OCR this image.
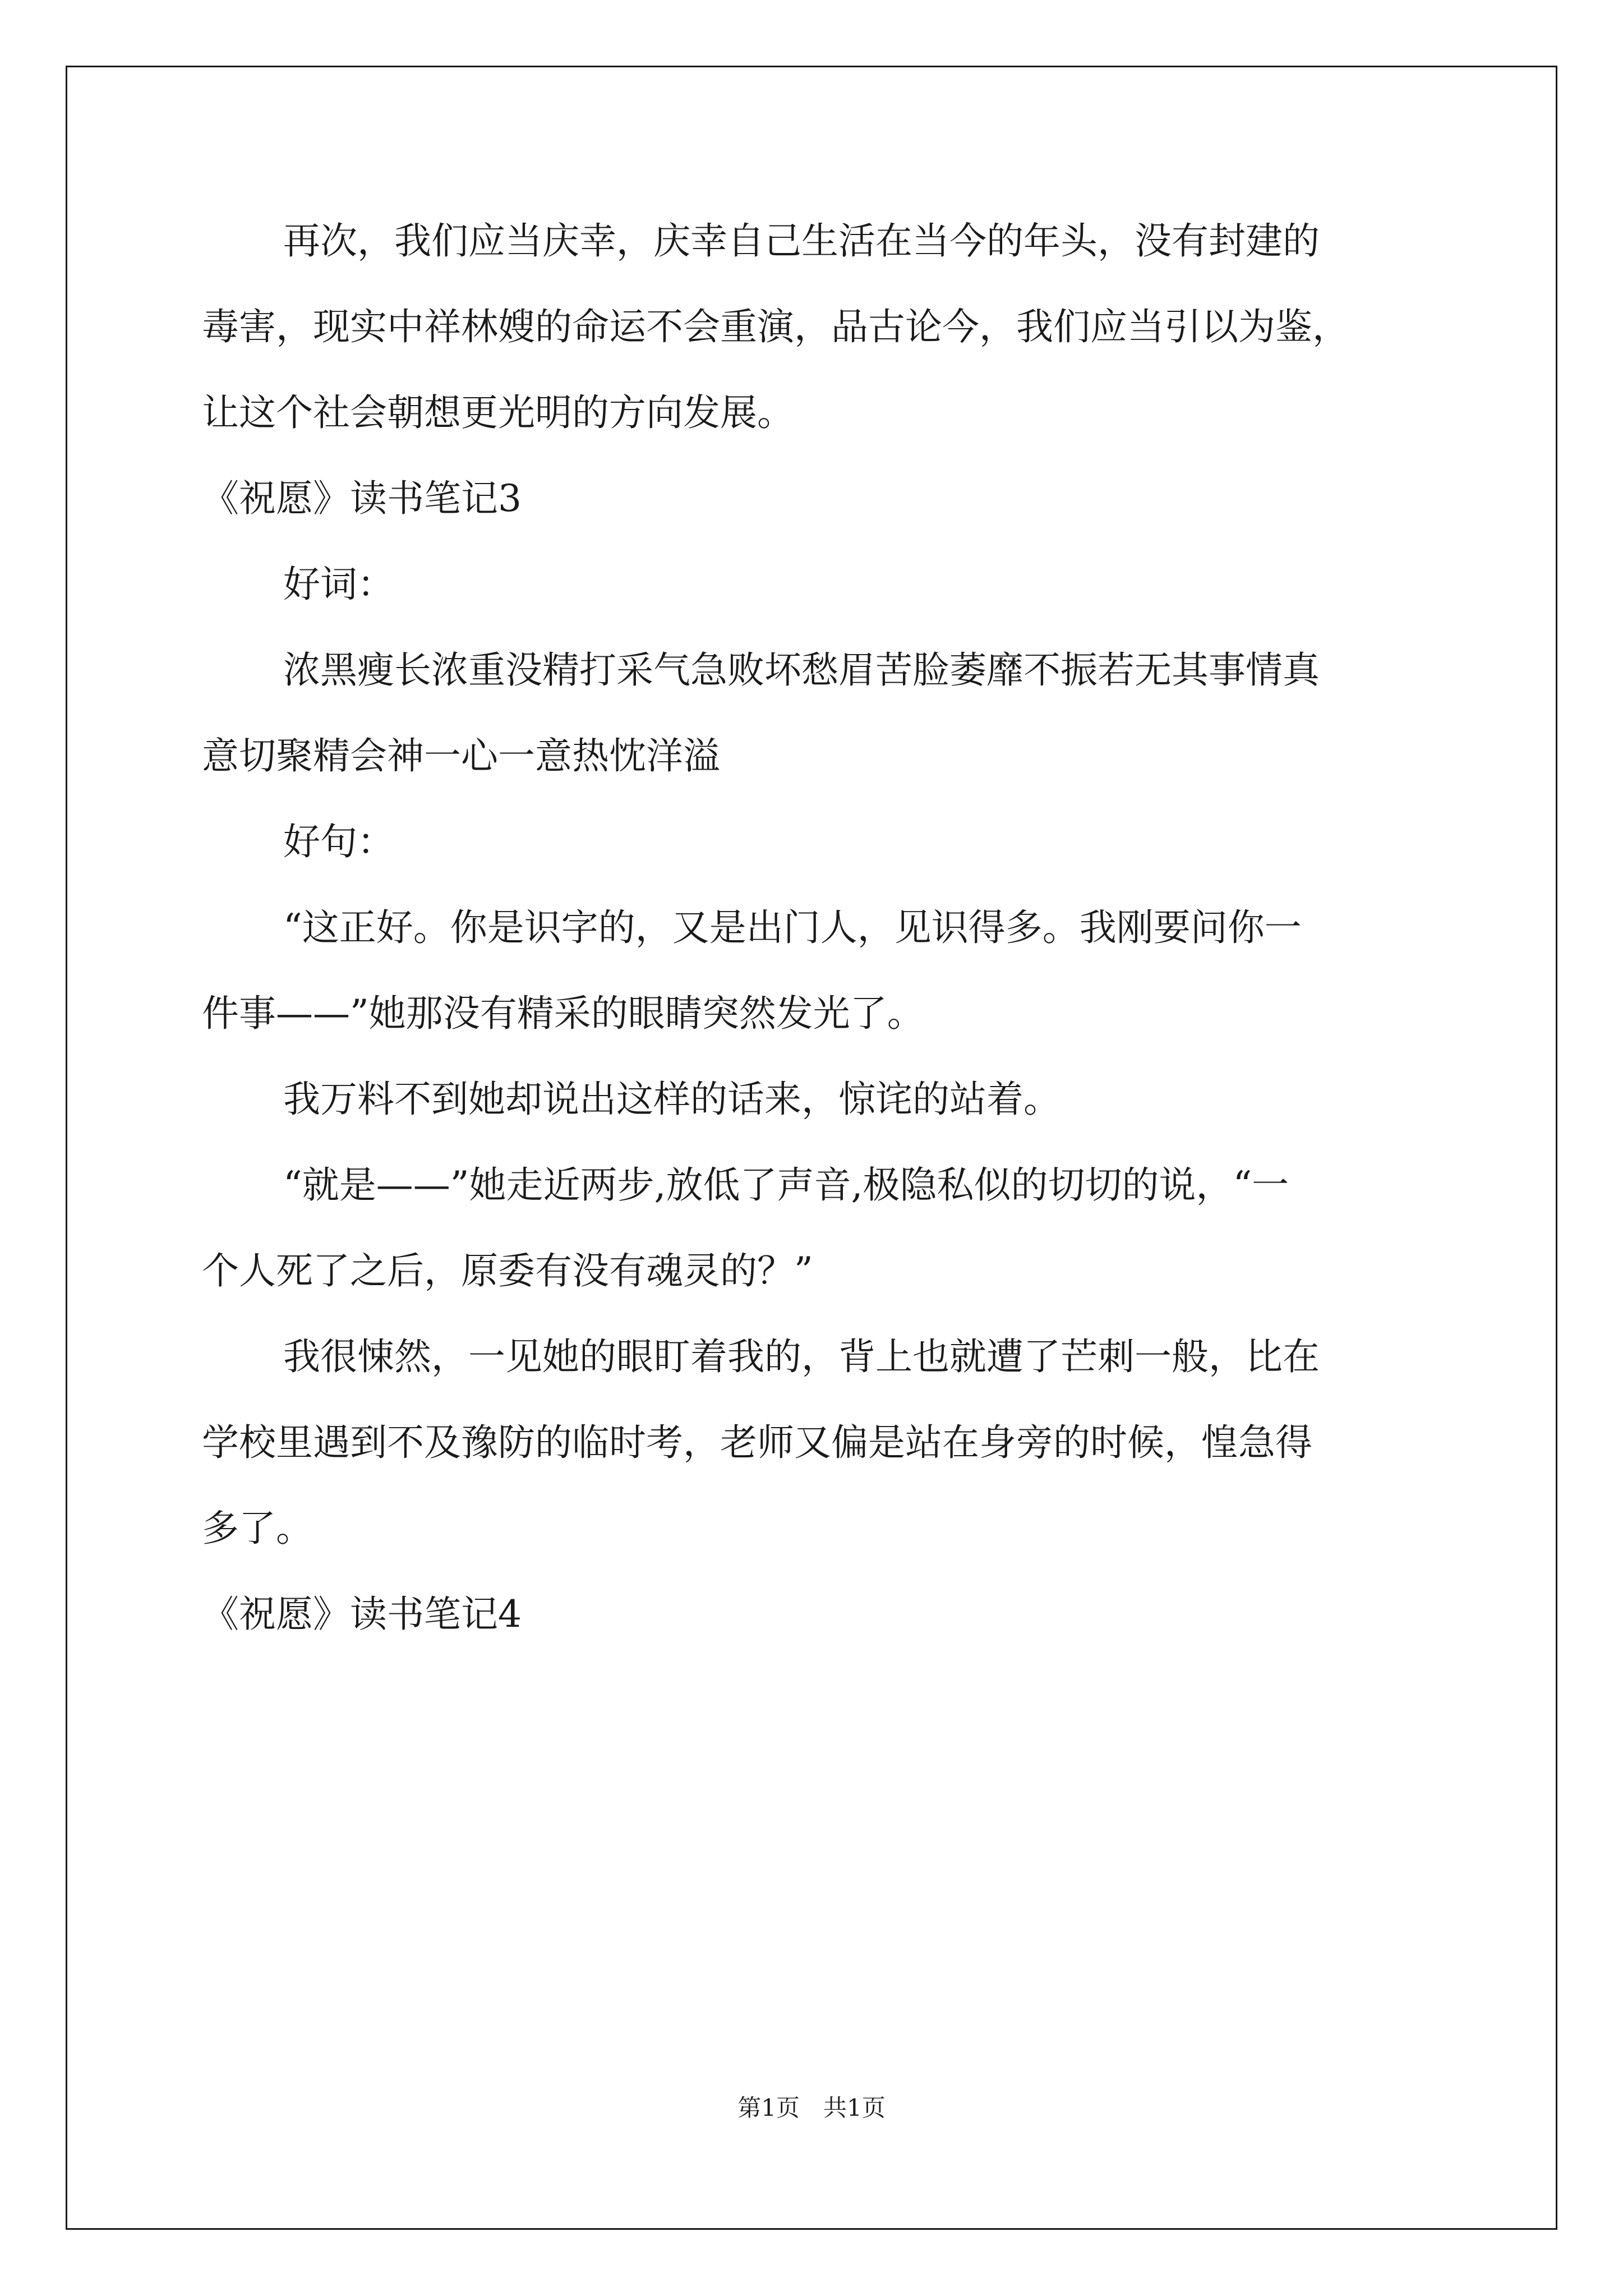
再次，我们应当庆幸，庆幸自己生活在当今的年头，没有封建的
毒害，现实中祥林嫂的命运不会重演，品古论今，我们应当引以为鉴，
让这个社会朝想更光明的方向发展。
《祝愿》读书笔记3
好词：
浓黑瘦长浓重没精打采气急败坏愁眉苦脸萎靡不振若无其事情真
意切聚精会神一心一意热忱洋溢
好句：
“这正好。你是识字的，又是出门人，见识得多。我刚要问你一
件事——”她那没有精采的眼睛突然发光了。
我万料不到她却说出这样的话来，惊诧的站着。
“就是——”她走近两步,放低了声音,极隐私似的切切的说，“一
个人死了之后，原委有没有魂灵的？”
我很悚然，一见她的眼盯着我的，背上也就遭了芒刺一般，比在
学校里遇到不及豫防的临时考，老师又偏是站在身旁的时候，惶急得
多了。
《祝愿》读书笔记4
第1页　共1页
